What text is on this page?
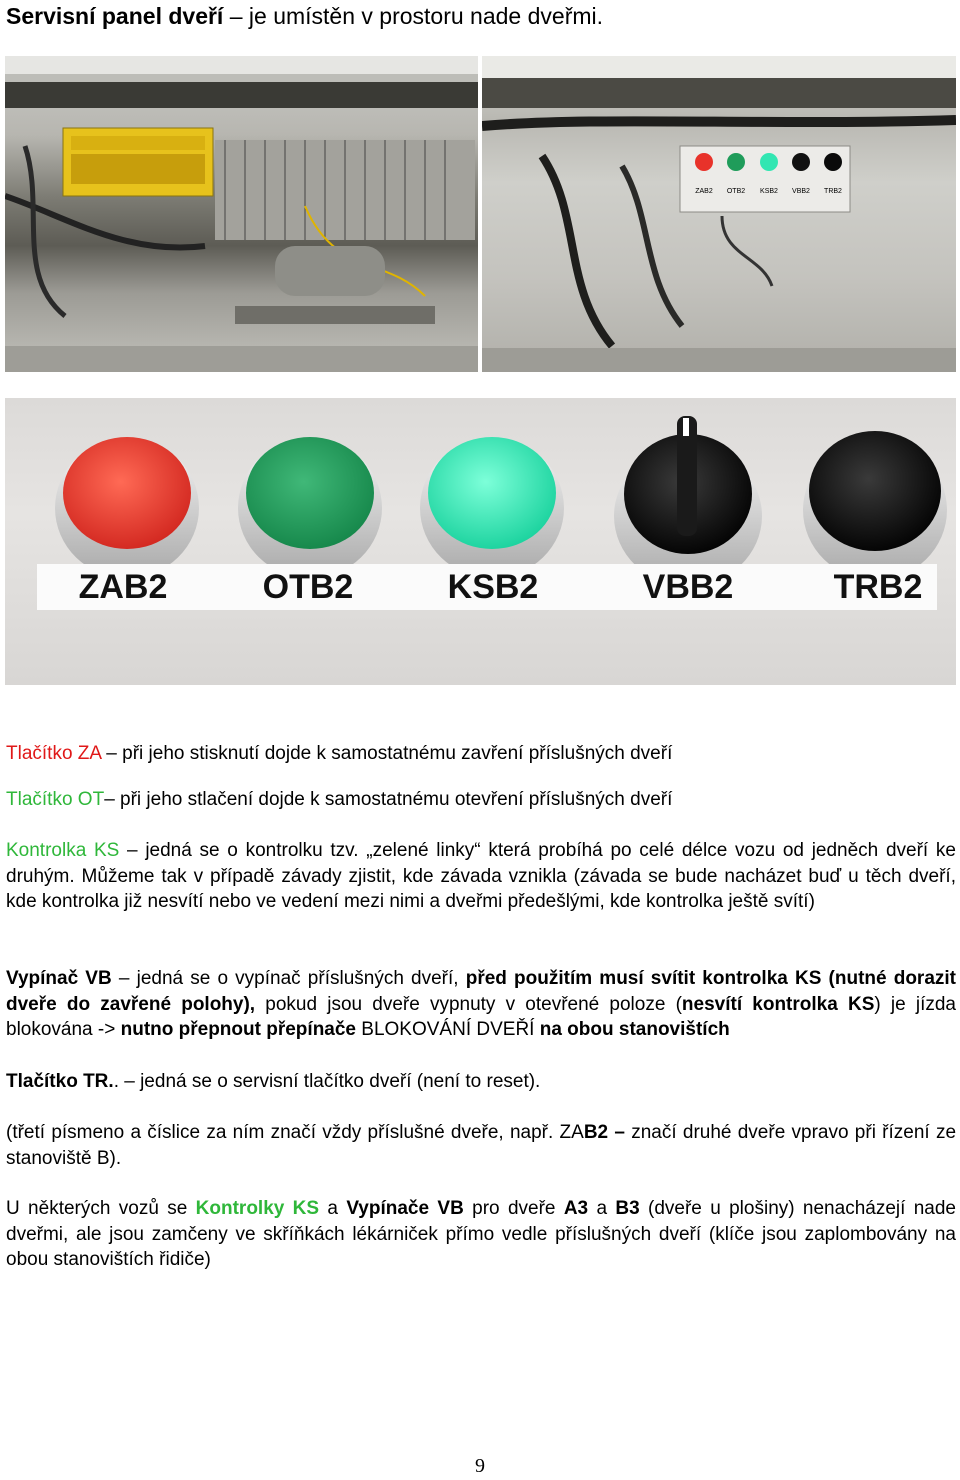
Servisní panel dveří – je umístěn v prostoru nade dveřmi.
ZAB2 OTB2 KSB2 VBB2 TRB2
ZAB2	OTB2	KSB2	VBB2	TRB2
Tlačítko ZA – při jeho stisknutí dojde k samostatnému zavření příslušných dveří
Tlačítko OT– při jeho stlačení dojde k samostatnému otevření příslušných dveří
Kontrolka KS – jedná se o kontrolku tzv. „zelené linky“ která probíhá po celé délce vozu od jedněch dveří ke druhým. Můžeme tak v případě závady zjistit, kde závada vznikla (závada se bude nacházet buď u těch dveří, kde kontrolka již nesvítí nebo ve vedení mezi nimi a dveřmi předešlými, kde kontrolka ještě svítí)
Vypínač VB – jedná se o vypínač příslušných dveří, před použitím musí svítit kontrolka KS (nutné dorazit dveře do zavřené polohy), pokud jsou dveře vypnuty v otevřené poloze (nesvítí kontrolka KS) je jízda blokována -> nutno přepnout přepínače BLOKOVÁNÍ DVEŘÍ na obou stanovištích
Tlačítko TR.. – jedná se o servisní tlačítko dveří (není to reset).
(třetí písmeno a číslice za ním značí vždy příslušné dveře, např. ZAB2 – značí druhé dveře vpravo při řízení ze stanoviště B).
U některých vozů se Kontrolky KS a Vypínače VB pro dveře A3 a B3 (dveře u plošiny) nenacházejí nade dveřmi, ale jsou zamčeny ve skříňkách lékárniček přímo vedle příslušných dveří (klíče jsou zaplombovány na obou stanovištích řidiče)
9
